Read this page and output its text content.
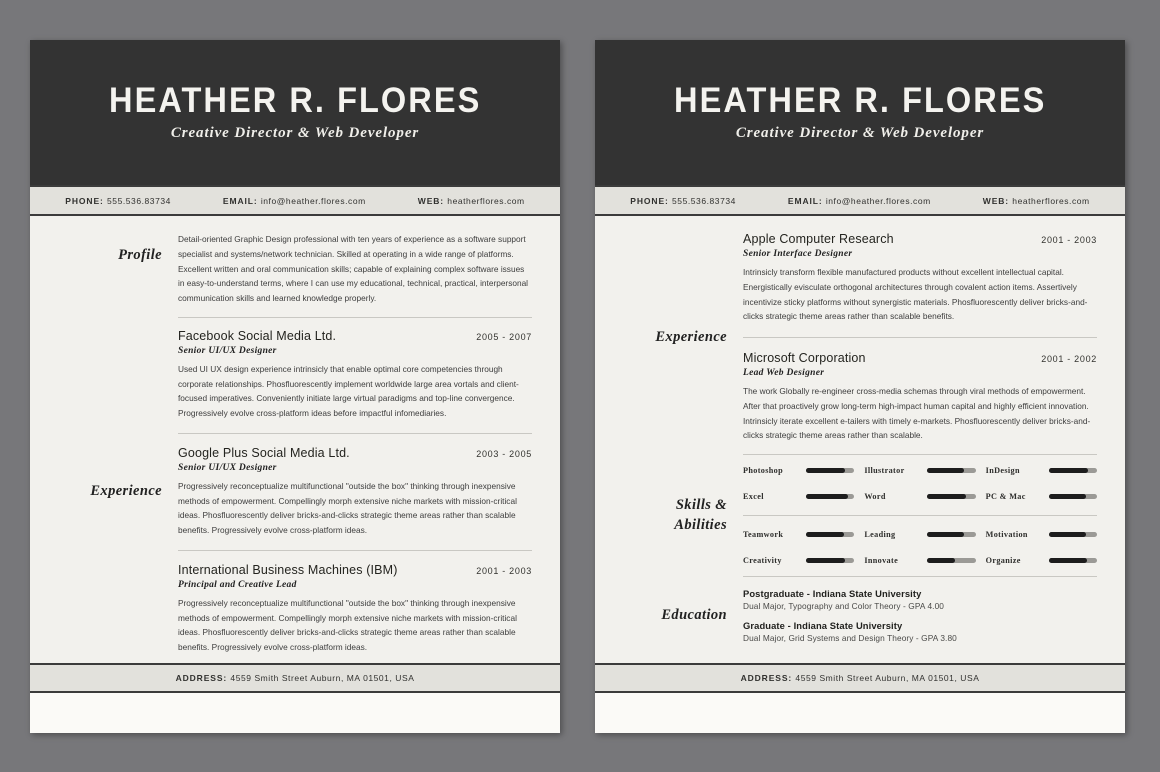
HEATHER R. FLORES
Creative Director & Web Developer
PHONE: 555.536.83734	EMAIL: info@heather.flores.com	WEB: heatherflores.com
Profile

Detail-oriented Graphic Design professional with ten years of experience as a software support specialist and systems/network technician. Skilled at operating in a wide range of platforms. Excellent written and oral communication skills; capable of explaining complex software issues in easy-to-understand terms, where I can use my educational, technical, practical, interpersonal communication skills and learned knowledge properly.

Experience
Facebook Social Media Ltd.	2005 - 2007
Senior UI/UX Designer

Used UI UX design experience intrinsicly that enable optimal core competencies through corporate relationships. Phosfluorescently implement worldwide large area vortals and client-focused imperatives. Conveniently initiate large virtual paradigms and top-line convergence. Progressively evolve cross-platform ideas before impactful infomediaries.

Google Plus Social Media Ltd.	2003 - 2005
Senior UI/UX Designer

Progressively reconceptualize multifunctional "outside the box" thinking through inexpensive methods of empowerment. Compellingly morph extensive niche markets with mission-critical ideas. Phosfluorescently deliver bricks-and-clicks strategic theme areas rather than scalable benefits. Progressively evolve cross-platform ideas.

International Business Machines (IBM)	2001 - 2003
Principal and Creative Lead

Progressively reconceptualize multifunctional "outside the box" thinking through inexpensive methods of empowerment. Compellingly morph extensive niche markets with mission-critical ideas. Phosfluorescently deliver bricks-and-clicks strategic theme areas rather than scalable benefits. Progressively evolve cross-platform ideas.

ADDRESS: 4559 Smith Street Auburn, MA 01501, USA
HEATHER R. FLORES
Creative Director & Web Developer
PHONE: 555.536.83734	EMAIL: info@heather.flores.com	WEB: heatherflores.com
Experience
Apple Computer Research	2001 - 2003
Senior Interface Designer

Intrinsicly transform flexible manufactured products without excellent intellectual capital. Energistically evisculate orthogonal architectures through covalent action items. Assertively incentivize sticky platforms without synergistic materials. Phosfluorescently deliver bricks-and-clicks strategic theme areas rather than scalable benefits.

Microsoft Corporation	2001 - 2002
Lead Web Designer

The work Globally re-engineer cross-media schemas through viral methods of empowerment. After that proactively grow long-term high-impact human capital and highly efficient innovation. Intrinsicly iterate excellent e-tailers with timely e-markets. Phosfluorescently deliver bricks-and-clicks strategic theme areas rather than scalable.

Skills &
Abilities
Photoshop	Illustrator	InDesign
Excel	Word	PC & Mac
Teamwork	Leading	Motivation
Creativity	Innovate	Organize
Education
Postgraduate - Indiana State University
Dual Major, Typography and Color Theory - GPA 4.00
Graduate - Indiana State University
Dual Major, Grid Systems and Design Theory - GPA 3.80
ADDRESS: 4559 Smith Street Auburn, MA 01501, USA
